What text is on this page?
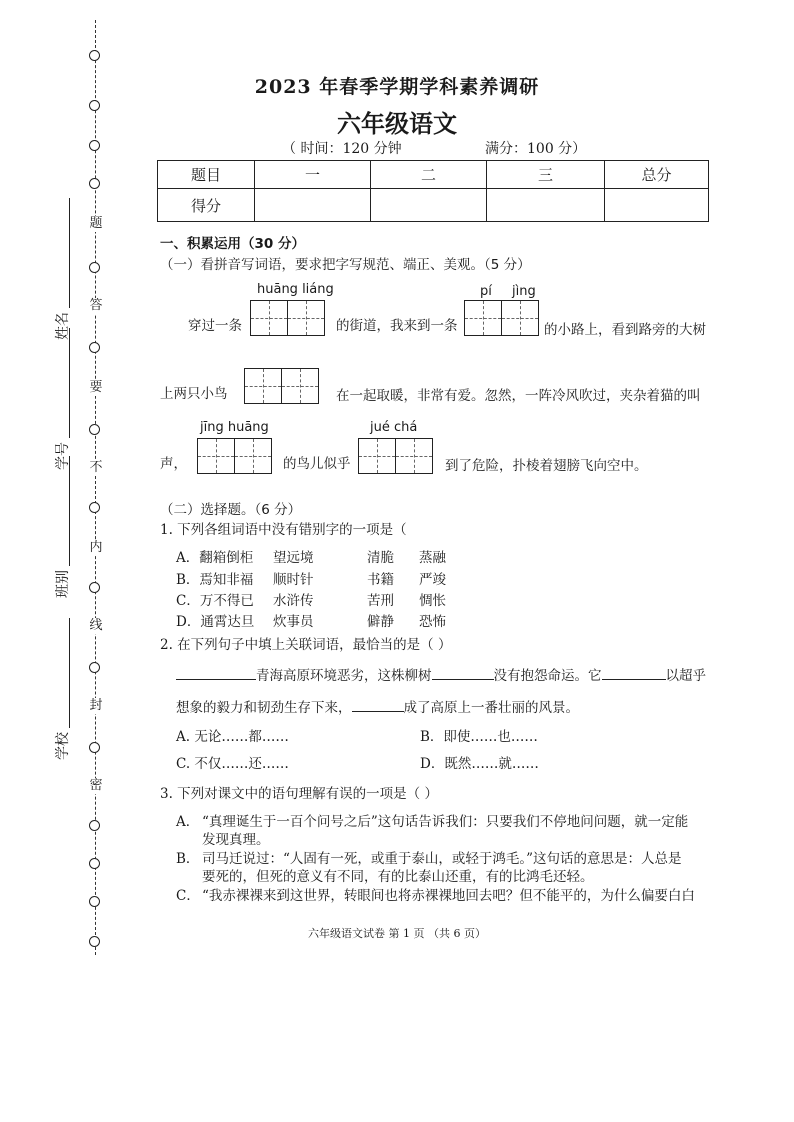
题
答
要
不
内
线
封
密
姓名
学号
班别
学校
2023 年春季学期学科素养调研
六年级语文
（ 时间：120 分钟	满分：100 分）
题目	一	二	三	总分
得分				
一、积累运用（30 分）
（一）看拼音写词语，要求把字写规范、端正、美观。（5 分）
huāng liáng	pí jìng
穿过一条	的街道，我来到一条	的小路上，看到路旁的大树
上两只小鸟	在一起取暖，非常有爱。忽然，一阵冷风吹过，夹杂着猫的叫
jīng huāng	jué chá
声，	的鸟儿似乎	到了危险，扑棱着翅膀飞向空中。
（二）选择题。（6 分）
1. 下列各组词语中没有错别字的一项是（
A．翻箱倒柜	望远境	清脆	蒸融
B．焉知非福	顺时针	书籍	严竣
C．万不得已	水浒传	苦刑	惆怅
D．通霄达旦	炊事员	僻静	恐怖
2. 在下列句子中填上关联词语，最恰当的是（ ）
青海高原环境恶劣，这株柳树	没有抱怨命运。它	以超乎
想象的毅力和韧劲生存下来，	成了高原上一番壮丽的风景。
A. 无论……都……	B．即使……也……
C. 不仅……还……	D．既然……就……
3. 下列对课文中的语句理解有误的一项是（ ）
A． “真理诞生于一百个问号之后”这句话告诉我们：只要我们不停地问问题，就一定能
发现真理。
B． 司马迁说过：“人固有一死，或重于泰山，或轻于鸿毛。”这句话的意思是：人总是
要死的，但死的意义有不同，有的比泰山还重，有的比鸿毛还轻。
C． “我赤裸裸来到这世界，转眼间也将赤裸裸地回去吧？但不能平的，为什么偏要白白
六年级语文试卷 第 1 页 （共 6 页）
